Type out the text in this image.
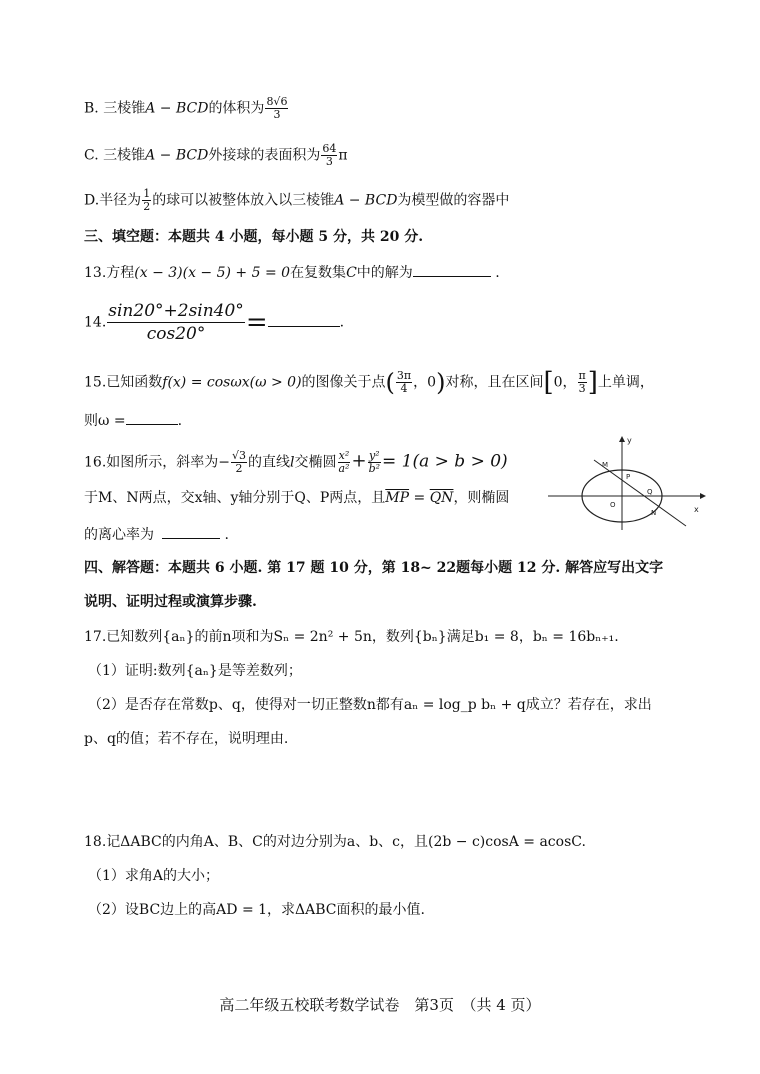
B. 三棱锥A − BCD的体积为 $\frac{8√6}{3}$
C. 三棱锥A − BCD外接球的表面积为 $\frac{64}{3}$ π
D.半径为 $\frac{1}{2}$ 的球可以被整体放入以三棱锥A − BCD为模型做的容器中
三、填空题：本题共 4 小题，每小题 5 分，共 20 分.
13.方程(x − 3)(x − 5) + 5 = 0在复数集C中的解为	.
14. $\frac{\sin 20^\circ+2\sin 40^\circ}{\cos 20^\circ}$ =	.
15.已知函数f(x) = cosωx(ω > 0)的图像关于点( $\frac{3\pi}{4}$ ，0)对称，且在区间[0， $\frac{\pi}{3}$ ]上单调，
则ω =	.
16.如图所示，斜率为− $\frac{√3}{2}$ 的直线l交椭圆 $\frac{\text{x²}}{\text{a²}} + \frac{\text{y²}}{\text{b²}} = 1(a > b > 0)$
于M、N两点，交x轴、y轴分别于Q、P两点，且$\overline{MP} = \overline{QN}$，则椭圆
的离心率为	.
y
x
M
P
Q
O
N
四、解答题：本题共 6 小题. 第 17 题 10 分，第 18~ 22题每小题 12 分. 解答应写出文字
说明、证明过程或演算步骤.
17.已知数列{aₙ}的前n项和为Sₙ = 2n² + 5n，数列{bₙ}满足b₁ = 8，bₙ = 16bₙ₊₁.
（1）证明:数列{aₙ}是等差数列；
（2）是否存在常数p、q，使得对一切正整数n都有aₙ = log_p bₙ + q成立？若存在，求出
p、q的值；若不存在，说明理由.
18.记ΔABC的内角A、B、C的对边分别为a、b、c，且(2b − c)cosA = acosC.
（1）求角A的大小；
（2）设BC边上的高AD = 1，求ΔABC面积的最小值.
高二年级五校联考数学试卷　第3页　（共 4 页）
